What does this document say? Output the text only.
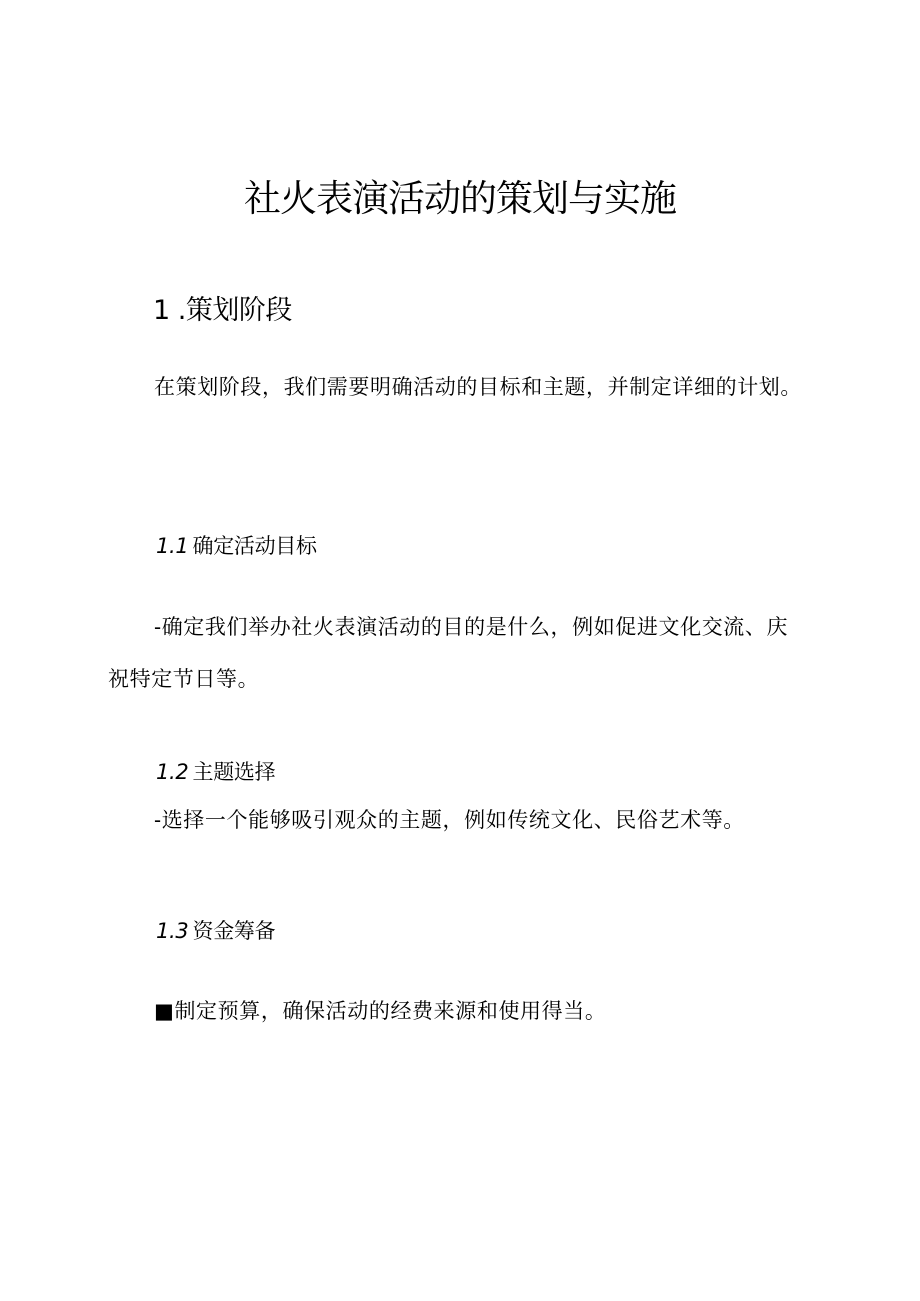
社火表演活动的策划与实施
1 .策划阶段
在策划阶段，我们需要明确活动的目标和主题，并制定详细的计划。
1.1 确定活动目标
-确定我们举办社火表演活动的目的是什么，例如促进文化交流、庆祝特定节日等。
1.2 主题选择
-选择一个能够吸引观众的主题，例如传统文化、民俗艺术等。
1.3 资金筹备
■制定预算，确保活动的经费来源和使用得当。
